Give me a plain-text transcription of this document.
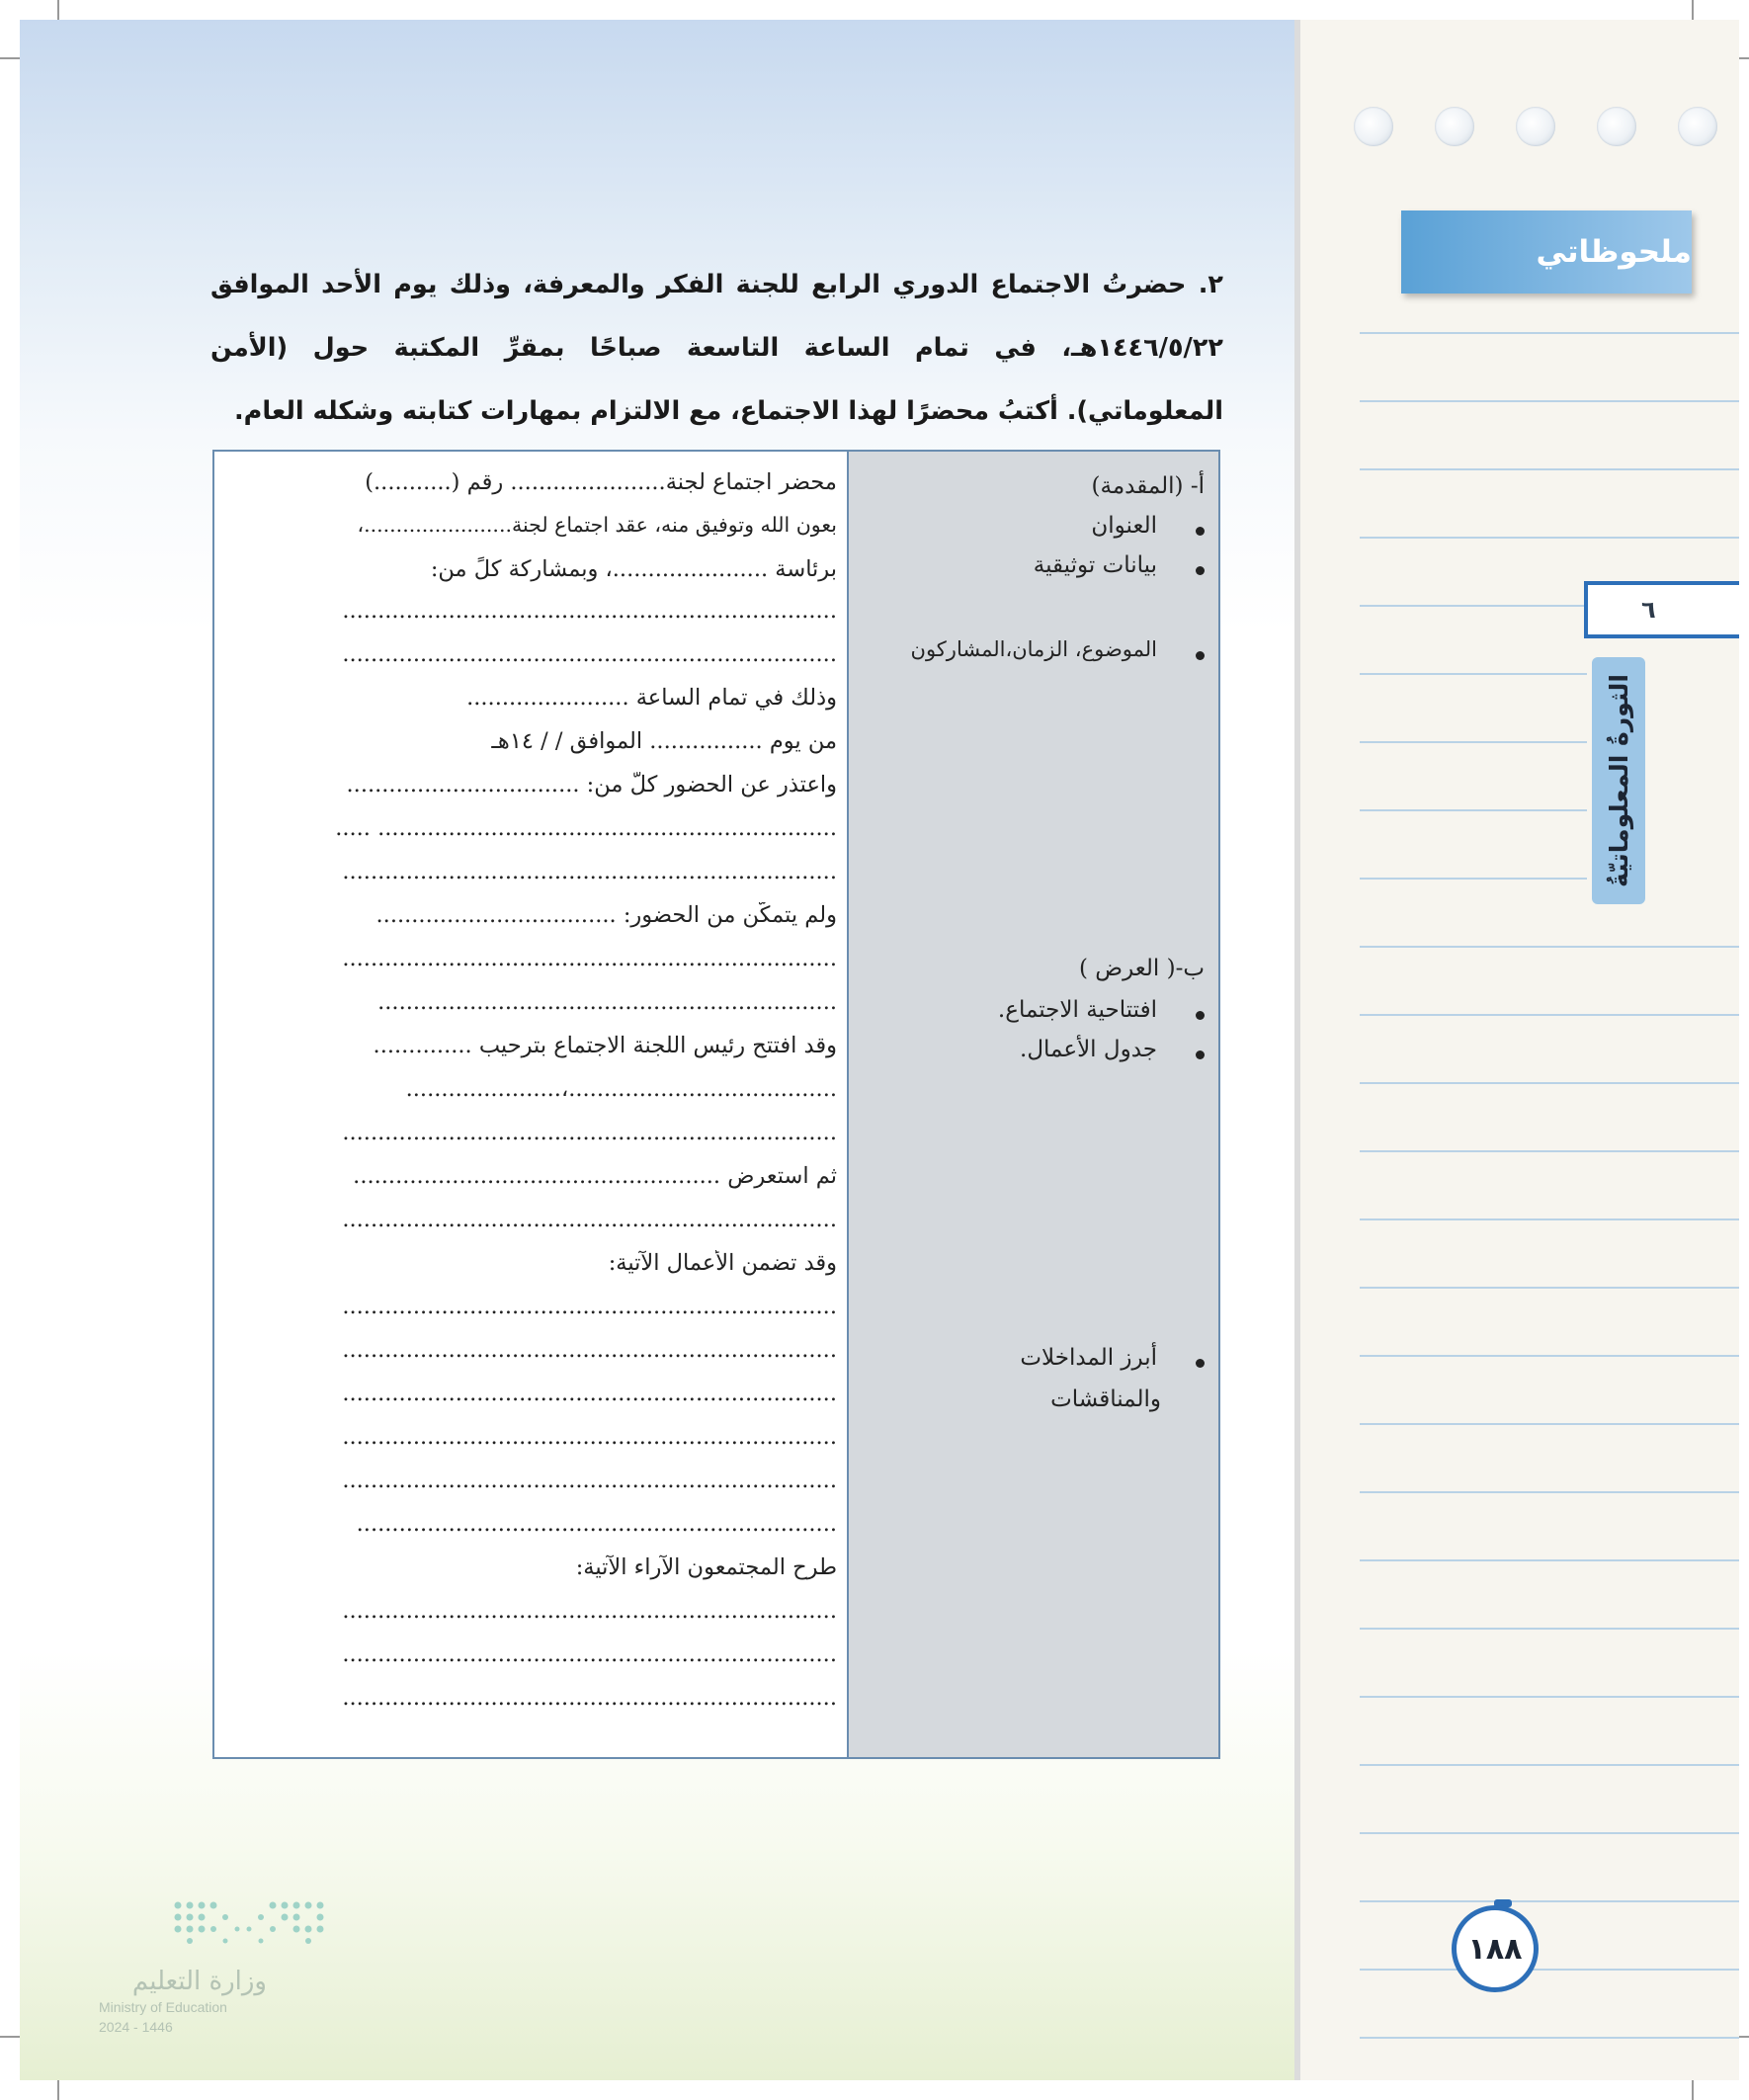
٢. حضرتُ الاجتماع الدوري الرابع للجنة الفكر والمعرفة، وذلك يوم الأحد الموافق ١٤٤٦/٥/٢٢هـ، في تمام الساعة التاسعة صباحًا بمقرِّ المكتبة حول (الأمن المعلوماتي). أكتبُ محضرًا لهذا الاجتماع، مع الالتزام بمهارات كتابته وشكله العام.
أ- (المقدمة)
العنوان
بيانات توثيقية
الموضوع، الزمان،المشاركون
ب-( العرض )
افتتاحية الاجتماع.
جدول الأعمال.
أبرز المداخلات
والمناقشات
محضر اجتماع لجنة...................... رقم (...........)
بعون الله وتوفيق منه، عقد اجتماع لجنة.......................،
برئاسة ......................، وبمشاركة كلٍّ من:
......................................................................
......................................................................
وذلك في تمام الساعة .......................
من يوم ................ الموافق / / ١٤هـ
واعتذر عن الحضور كلٌّ من: .................................
................................................................. .....
......................................................................
ولم يتمكّن من الحضور: ..................................
......................................................................
.................................................................
وقد افتتح رئيس اللجنة الاجتماع بترحيب ..............
......................................،......................
......................................................................
ثم استعرض ....................................................
......................................................................
وقد تضمن الأعمال الآتية:
......................................................................
......................................................................
......................................................................
......................................................................
......................................................................
....................................................................
طرح المجتمعون الآراء الآتية:
......................................................................
......................................................................
......................................................................
ملحوظاتي
٦
الثورةُ المعلوماتيّةُ
١٨٨
وزارة التعليم
Ministry of Education
2024 - 1446
